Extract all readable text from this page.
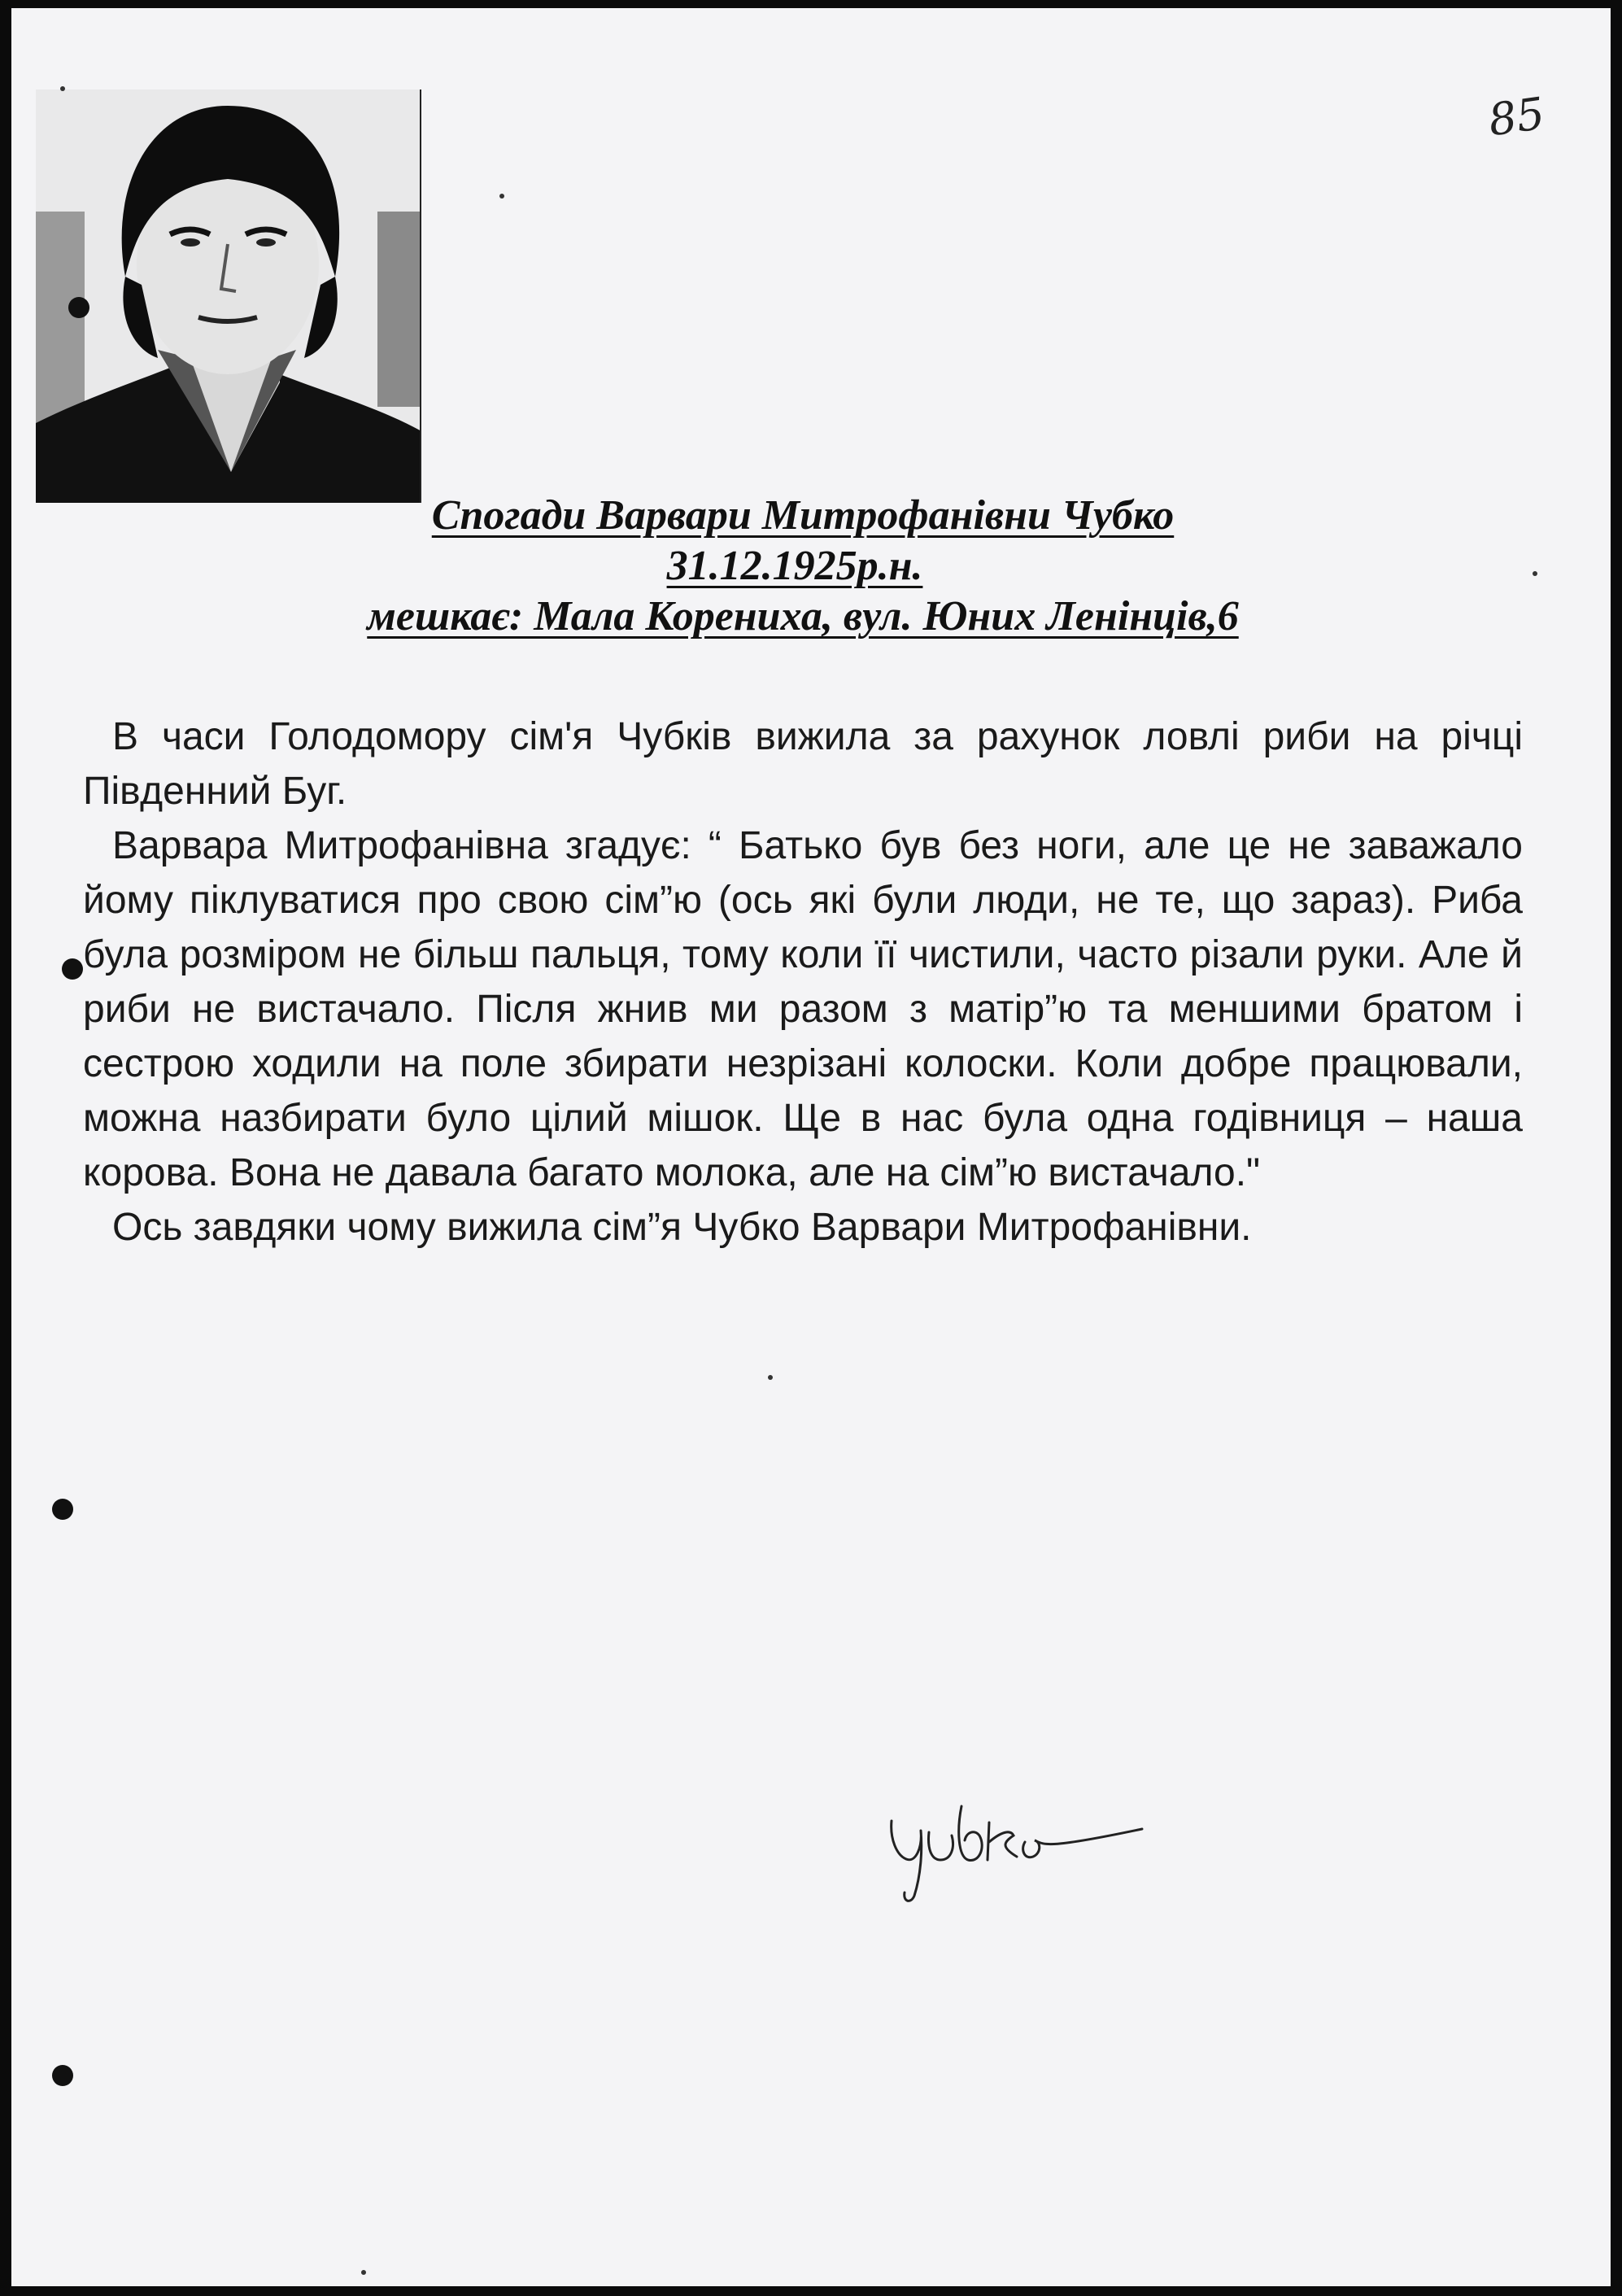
85
Спогади Варвари Митрофанівни Чубко
31.12.1925р.н.
мешкає: Мала Корениха, вул. Юних Ленінців,6

В часи Голодомору сім'я Чубків вижила за рахунок ловлі риби на річці Південний Буг.

Варвара Митрофанівна згадує: “ Батько був без ноги, але це не заважало йому піклуватися про свою сім”ю (ось які були люди, не те, що зараз). Риба була розміром не більш пальця, тому коли її чистили, часто різали руки. Але й риби не вистачало. Після жнив ми разом з матір”ю та меншими братом і сестрою ходили на поле збирати незрізані колоски. Коли добре працювали, можна назбирати було цілий мішок. Ще в нас була одна годівниця – наша корова. Вона не давала багато молока, але на сім”ю вистачало."

Ось завдяки чому вижила сім”я Чубко Варвари Митрофанівни.
